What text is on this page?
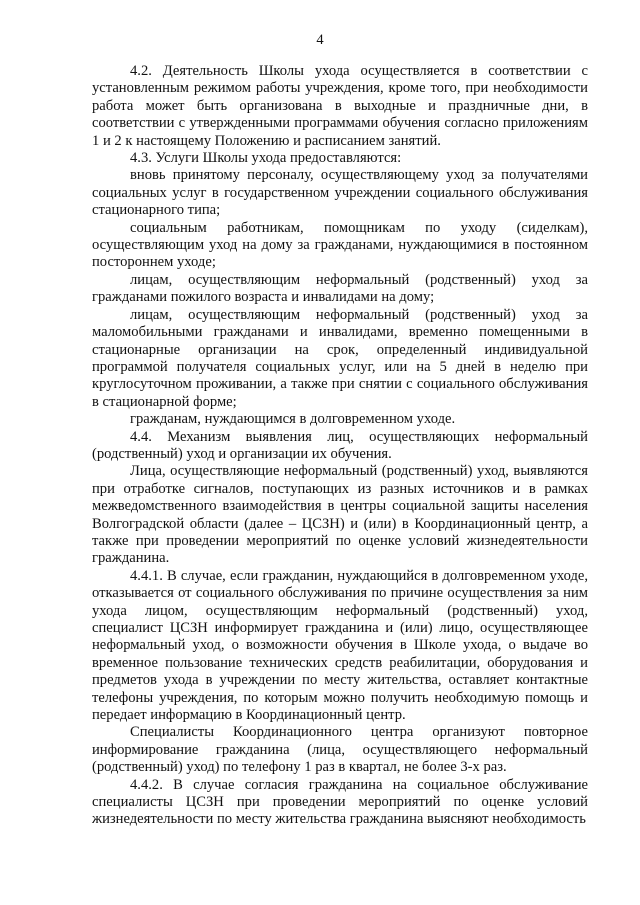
4

4.2. Деятельность Школы ухода осуществляется в соответствии с установленным режимом работы учреждения, кроме того, при необходимости работа может быть организована в выходные и праздничные дни, в соответствии с утвержденными программами обучения согласно приложениям 1 и 2 к настоящему Положению и расписанием занятий.

4.3. Услуги Школы ухода предоставляются:

вновь принятому персоналу, осуществляющему уход за получателями социальных услуг в государственном учреждении социального обслуживания стационарного типа;

социальным работникам, помощникам по уходу (сиделкам), осуществляющим уход на дому за гражданами, нуждающимися в постоянном постороннем уходе;

лицам, осуществляющим неформальный (родственный) уход за гражданами пожилого возраста и инвалидами на дому;

лицам, осуществляющим неформальный (родственный) уход за маломобильными гражданами и инвалидами, временно помещенными в стационарные организации на срок, определенный индивидуальной программой получателя социальных услуг, или на 5 дней в неделю при круглосуточном проживании, а также при снятии с социального обслуживания в стационарной форме;

гражданам, нуждающимся в долговременном уходе.

4.4. Механизм выявления лиц, осуществляющих неформальный (родственный) уход и организации их обучения.

Лица, осуществляющие неформальный (родственный) уход, выявляются при отработке сигналов, поступающих из разных источников и в рамках межведомственного взаимодействия в центры социальной защиты населения Волгоградской области (далее – ЦСЗН) и (или) в Координационный центр, а также при проведении мероприятий по оценке условий жизнедеятельности гражданина.

4.4.1. В случае, если гражданин, нуждающийся в долговременном уходе, отказывается от социального обслуживания по причине осуществления за ним ухода лицом, осуществляющим неформальный (родственный) уход, специалист ЦСЗН информирует гражданина и (или) лицо, осуществляющее неформальный уход, о возможности обучения в Школе ухода, о выдаче во временное пользование технических средств реабилитации, оборудования и предметов ухода в учреждении по месту жительства, оставляет контактные телефоны учреждения, по которым можно получить необходимую помощь и передает информацию в Координационный центр.

Специалисты Координационного центра организуют повторное информирование гражданина (лица, осуществляющего неформальный (родственный) уход) по телефону 1 раз в квартал, не более 3-х раз.

4.4.2. В случае согласия гражданина на социальное обслуживание специалисты ЦСЗН при проведении мероприятий по оценке условий жизнедеятельности по месту жительства гражданина выясняют необходимость
